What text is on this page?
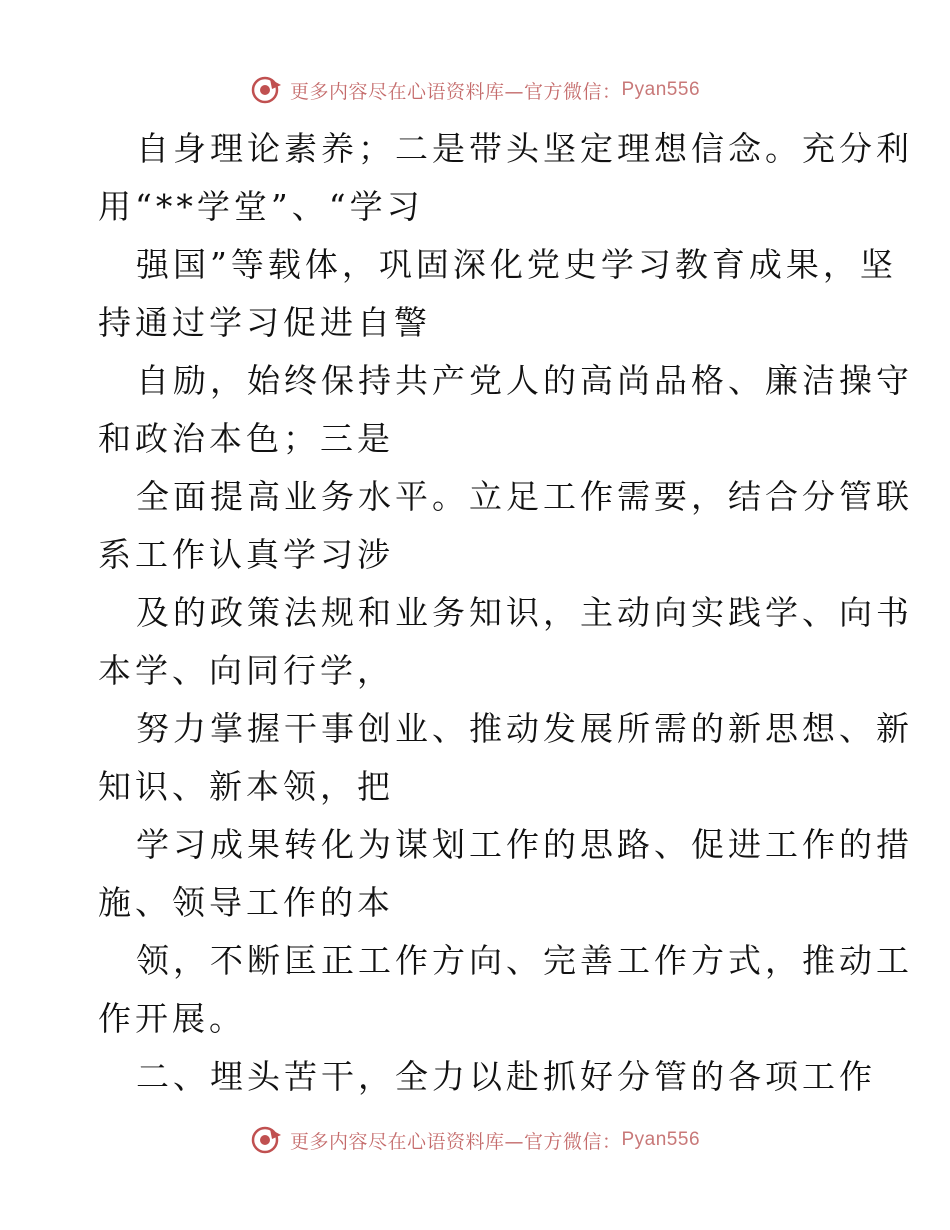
更多内容尽在心语资料库—官方微信： Pyan556
自身理论素养；二是带头坚定理想信念。充分利
用“**学堂”、“学习
强国”等载体，巩固深化党史学习教育成果，坚
持通过学习促进自警
自励，始终保持共产党人的高尚品格、廉洁操守
和政治本色；三是
全面提高业务水平。立足工作需要，结合分管联
系工作认真学习涉
及的政策法规和业务知识，主动向实践学、向书
本学、向同行学，
努力掌握干事创业、推动发展所需的新思想、新
知识、新本领，把
学习成果转化为谋划工作的思路、促进工作的措
施、领导工作的本
领，不断匡正工作方向、完善工作方式，推动工
作开展。
二、埋头苦干，全力以赴抓好分管的各项工作
更多内容尽在心语资料库—官方微信： Pyan556
